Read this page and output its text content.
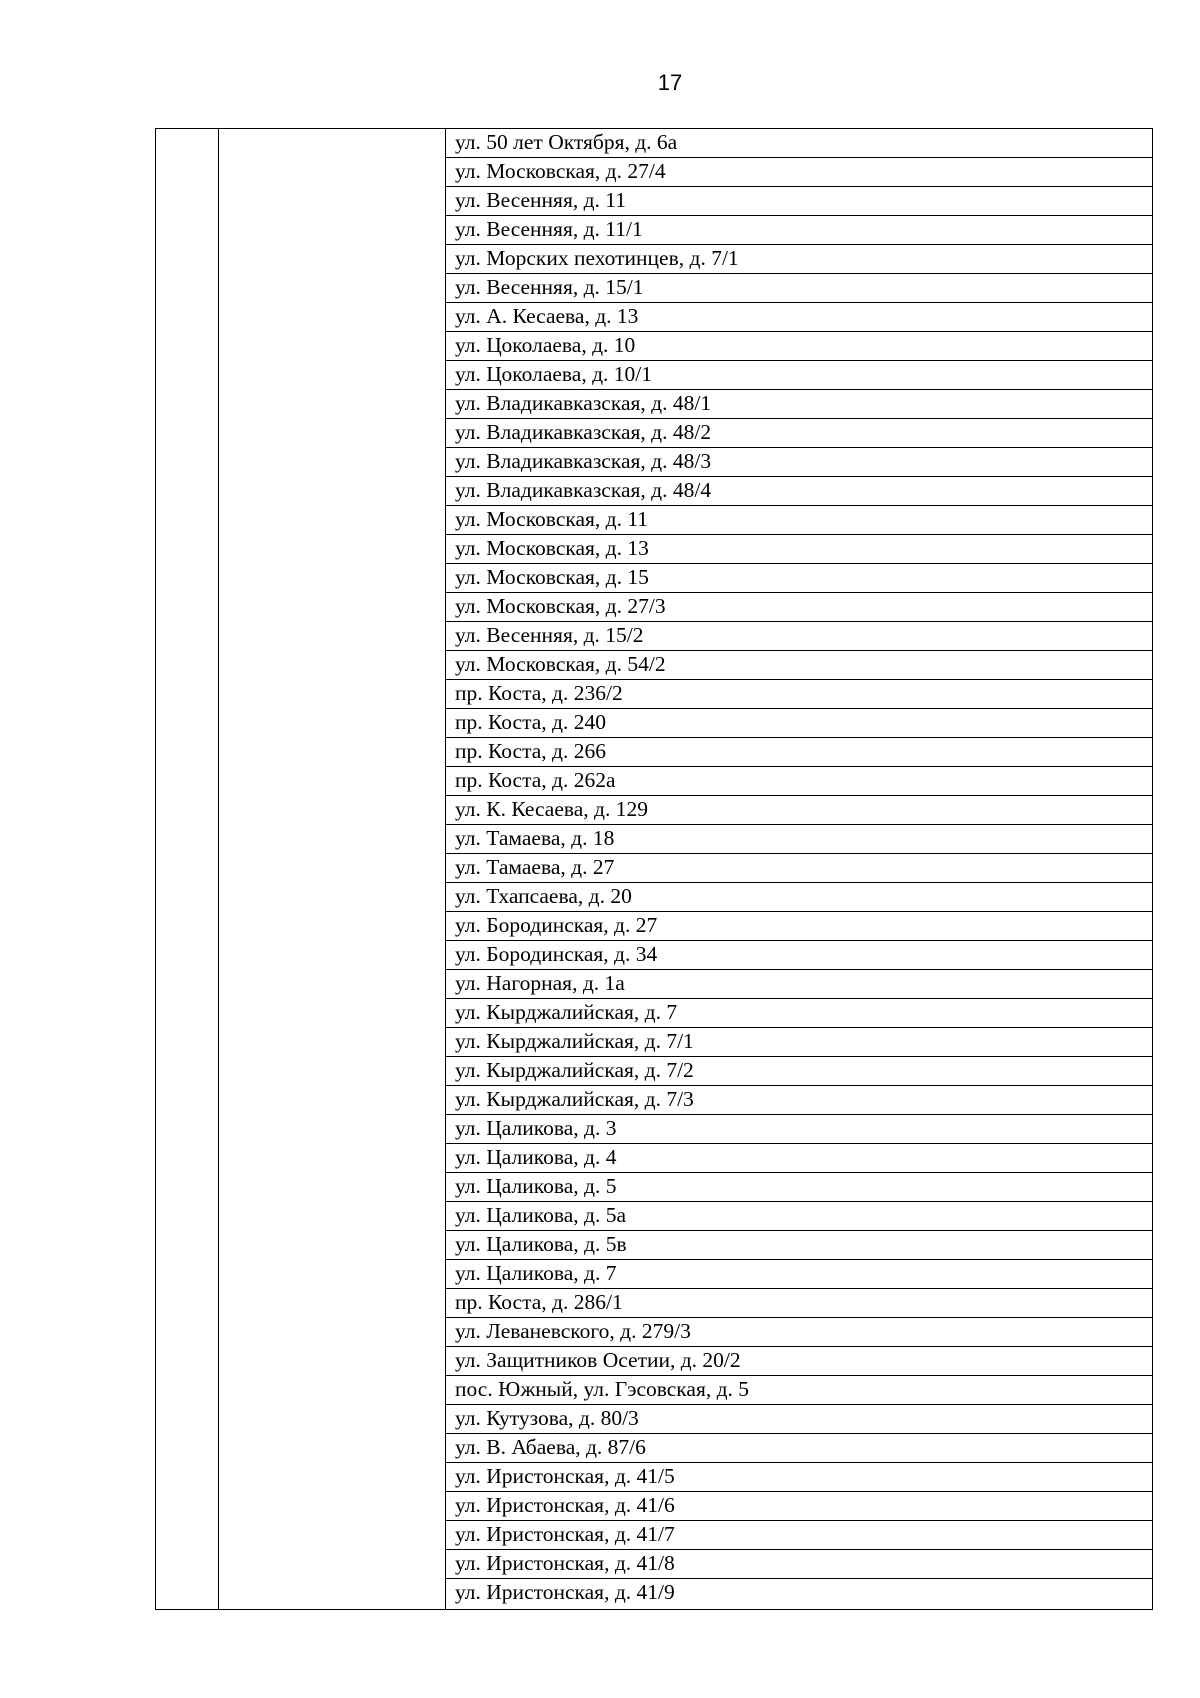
17
ул. 50 лет Октября, д. 6а
ул. Московская, д. 27/4
ул. Весенняя, д. 11
ул. Весенняя, д. 11/1
ул. Морских пехотинцев, д. 7/1
ул. Весенняя, д. 15/1
ул. А. Кесаева, д. 13
ул. Цоколаева, д. 10
ул. Цоколаева, д. 10/1
ул. Владикавказская, д. 48/1
ул. Владикавказская, д. 48/2
ул. Владикавказская, д. 48/3
ул. Владикавказская, д. 48/4
ул. Московская, д. 11
ул. Московская, д. 13
ул. Московская, д. 15
ул. Московская, д. 27/3
ул. Весенняя, д. 15/2
ул. Московская, д. 54/2
пр. Коста, д. 236/2
пр. Коста, д. 240
пр. Коста, д. 266
пр. Коста, д. 262а
ул. К. Кесаева, д. 129
ул. Тамаева, д. 18
ул. Тамаева, д. 27
ул. Тхапсаева, д. 20
ул. Бородинская, д. 27
ул. Бородинская, д. 34
ул. Нагорная, д. 1а
ул. Кырджалийская, д. 7
ул. Кырджалийская, д. 7/1
ул. Кырджалийская, д. 7/2
ул. Кырджалийская, д. 7/3
ул. Цаликова, д. 3
ул. Цаликова, д. 4
ул. Цаликова, д. 5
ул. Цаликова, д. 5а
ул. Цаликова, д. 5в
ул. Цаликова, д. 7
пр. Коста, д. 286/1
ул. Леваневского, д. 279/3
ул. Защитников Осетии, д. 20/2
пос. Южный, ул. Гэсовская, д. 5
ул. Кутузова, д. 80/3
ул. В. Абаева, д. 87/6
ул. Иристонская, д. 41/5
ул. Иристонская, д. 41/6
ул. Иристонская, д. 41/7
ул. Иристонская, д. 41/8
ул. Иристонская, д. 41/9
